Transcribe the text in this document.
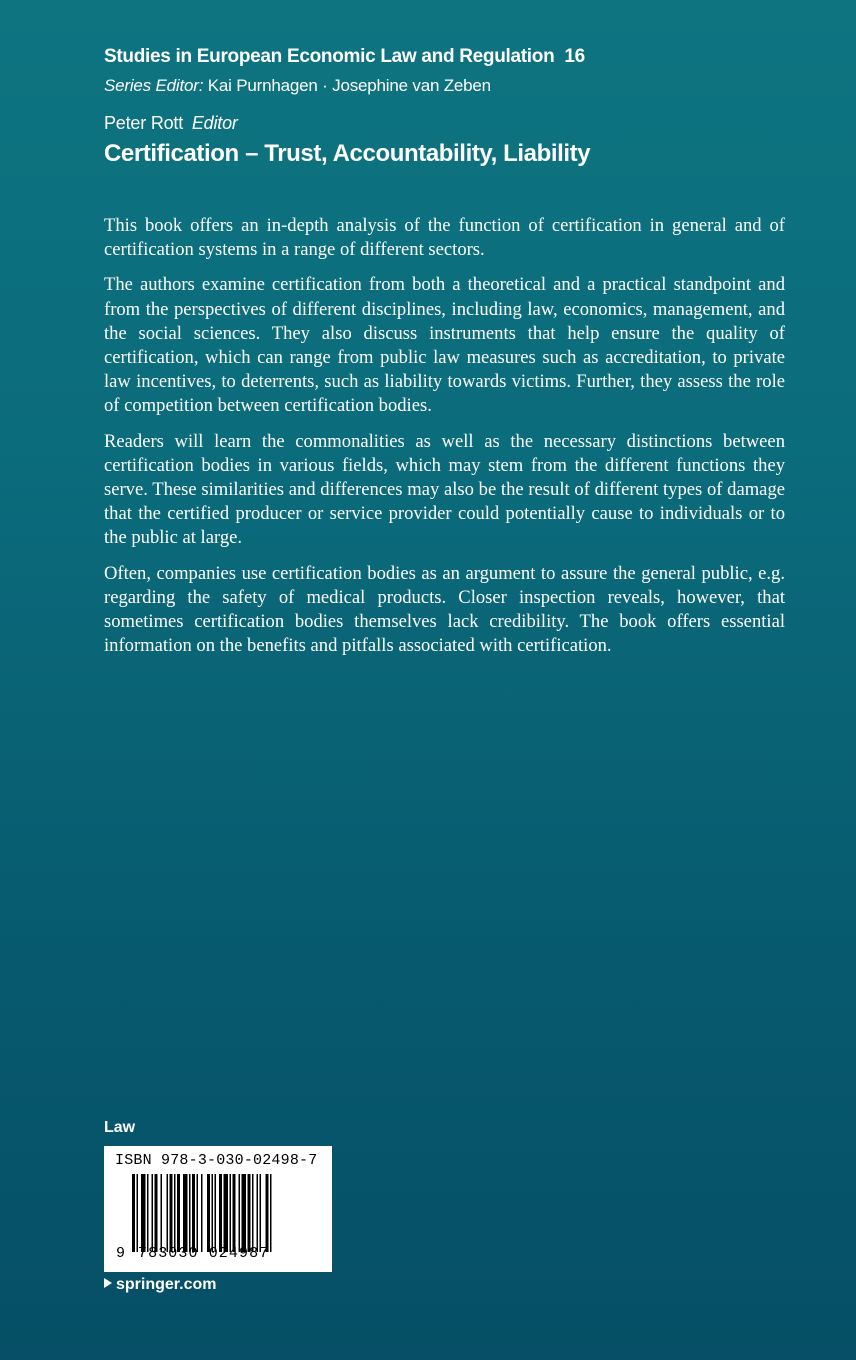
Studies in European Economic Law and Regulation 16
Series Editor: Kai Purnhagen · Josephine van Zeben
Peter Rott Editor
Certification – Trust, Accountability, Liability

This book offers an in-depth analysis of the function of certification in general and of certification systems in a range of different sectors.

The authors examine certification from both a theoretical and a practical standpoint and from the perspectives of different disciplines, including law, economics, management, and the social sciences. They also discuss instruments that help ensure the quality of certification, which can range from public law measures such as accreditation, to private law incentives, to deterrents, such as liability towards victims. Further, they assess the role of competition between certification bodies.

Readers will learn the commonalities as well as the necessary distinctions between certification bodies in various fields, which may stem from the different functions they serve. These similarities and differences may also be the result of different types of damage that the certified producer or service provider could potentially cause to individuals or to the public at large.

Often, companies use certification bodies as an argument to assure the general public, e.g. regarding the safety of medical products. Closer inspection reveals, however, that sometimes certification bodies themselves lack credibility. The book offers essential information on the benefits and pitfalls associated with certification.

Law
ISBN 978-3-030-02498-7
9 783030 024987
springer.com
